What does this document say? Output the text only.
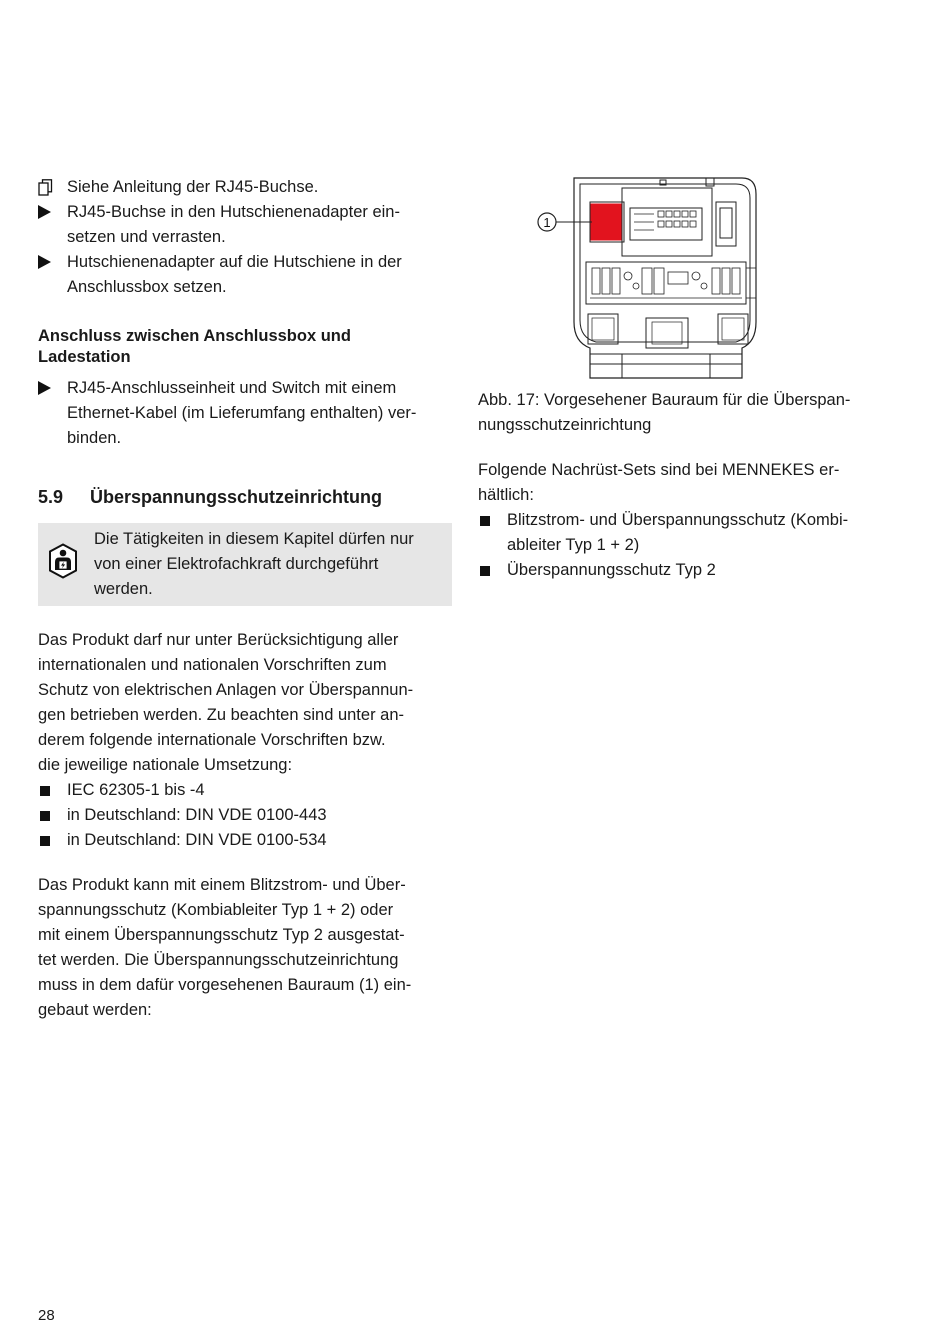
Siehe Anleitung der RJ45-Buchse.
RJ45-Buchse in den Hutschienenadapter ein-
setzen und verrasten.
Hutschienenadapter auf die Hutschiene in der
Anschlussbox setzen.
Anschluss zwischen Anschlussbox und
Ladestation
RJ45-Anschlusseinheit und Switch mit einem
Ethernet-Kabel (im Lieferumfang enthalten) ver-
binden.
5.9 Überspannungsschutzeinrichtung
Die Tätigkeiten in diesem Kapitel dürfen nur
von einer Elektrofachkraft durchgeführt
werden.

Das Produkt darf nur unter Berücksichtigung aller
internationalen und nationalen Vorschriften zum
Schutz von elektrischen Anlagen vor Überspannun-
gen betrieben werden. Zu beachten sind unter an-
derem folgende internationale Vorschriften bzw.
die jeweilige nationale Umsetzung:

IEC 62305-1 bis -4
in Deutschland: DIN VDE 0100-443
in Deutschland: DIN VDE 0100-534

Das Produkt kann mit einem Blitzstrom- und Über-
spannungsschutz (Kombiableiter Typ 1 + 2) oder
mit einem Überspannungsschutz Typ 2 ausgestat-
tet werden. Die Überspannungsschutzeinrichtung
muss in dem dafür vorgesehenen Bauraum (1) ein-
gebaut werden:

1

Abb. 17: Vorgesehener Bauraum für die Überspan-
nungsschutzeinrichtung

Folgende Nachrüst-Sets sind bei MENNEKES er-
hältlich:

Blitzstrom- und Überspannungsschutz (Kombi-
ableiter Typ 1 + 2)
Überspannungsschutz Typ 2
28
